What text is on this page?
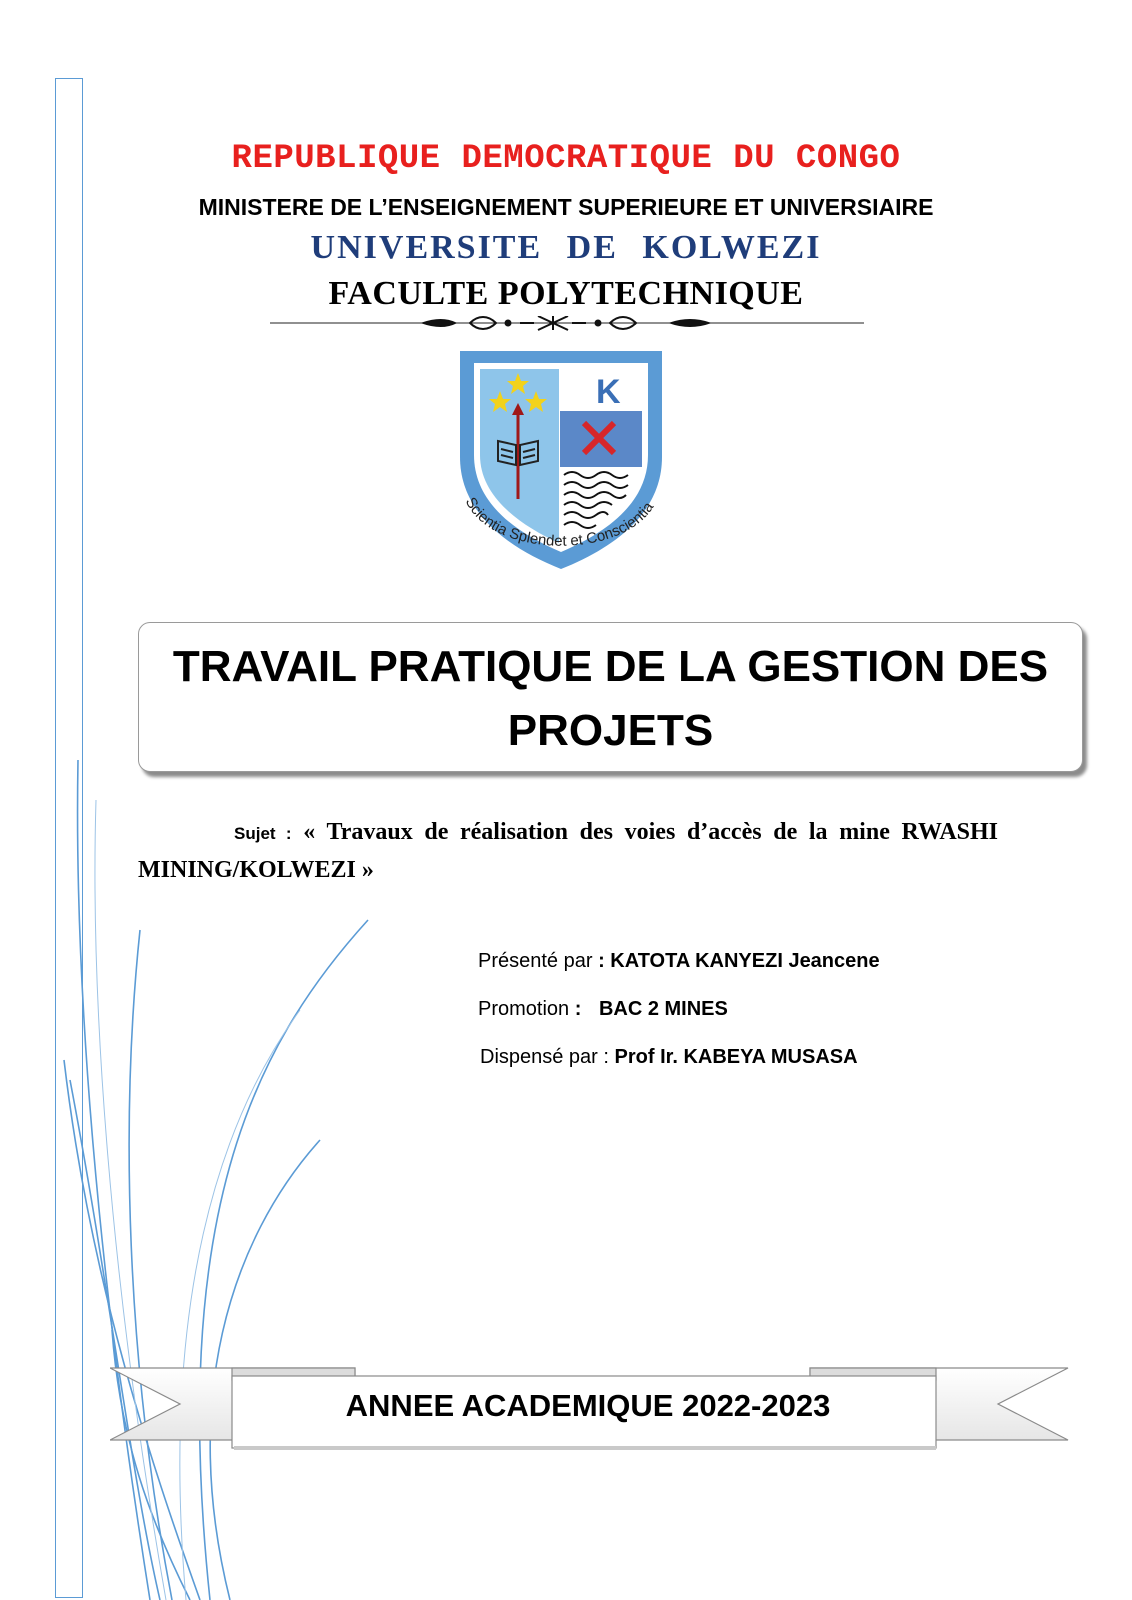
REPUBLIQUE DEMOCRATIQUE DU CONGO
MINISTERE DE L’ENSEIGNEMENT SUPERIEURE ET UNIVERSIAIRE
UNIVERSITE DE KOLWEZI
FACULTE POLYTECHNIQUE
K
Scientia Splendet et Conscientia
TRAVAIL PRATIQUE DE LA GESTION DES
PROJETS
Sujet : « Travaux de réalisation des voies d’accès de la mine RWASHI MINING/KOLWEZI »
Présenté par : KATOTA KANYEZI Jeancene
Promotion : BAC 2 MINES
Dispensé par : Prof Ir. KABEYA MUSASA
ANNEE ACADEMIQUE 2022-2023
